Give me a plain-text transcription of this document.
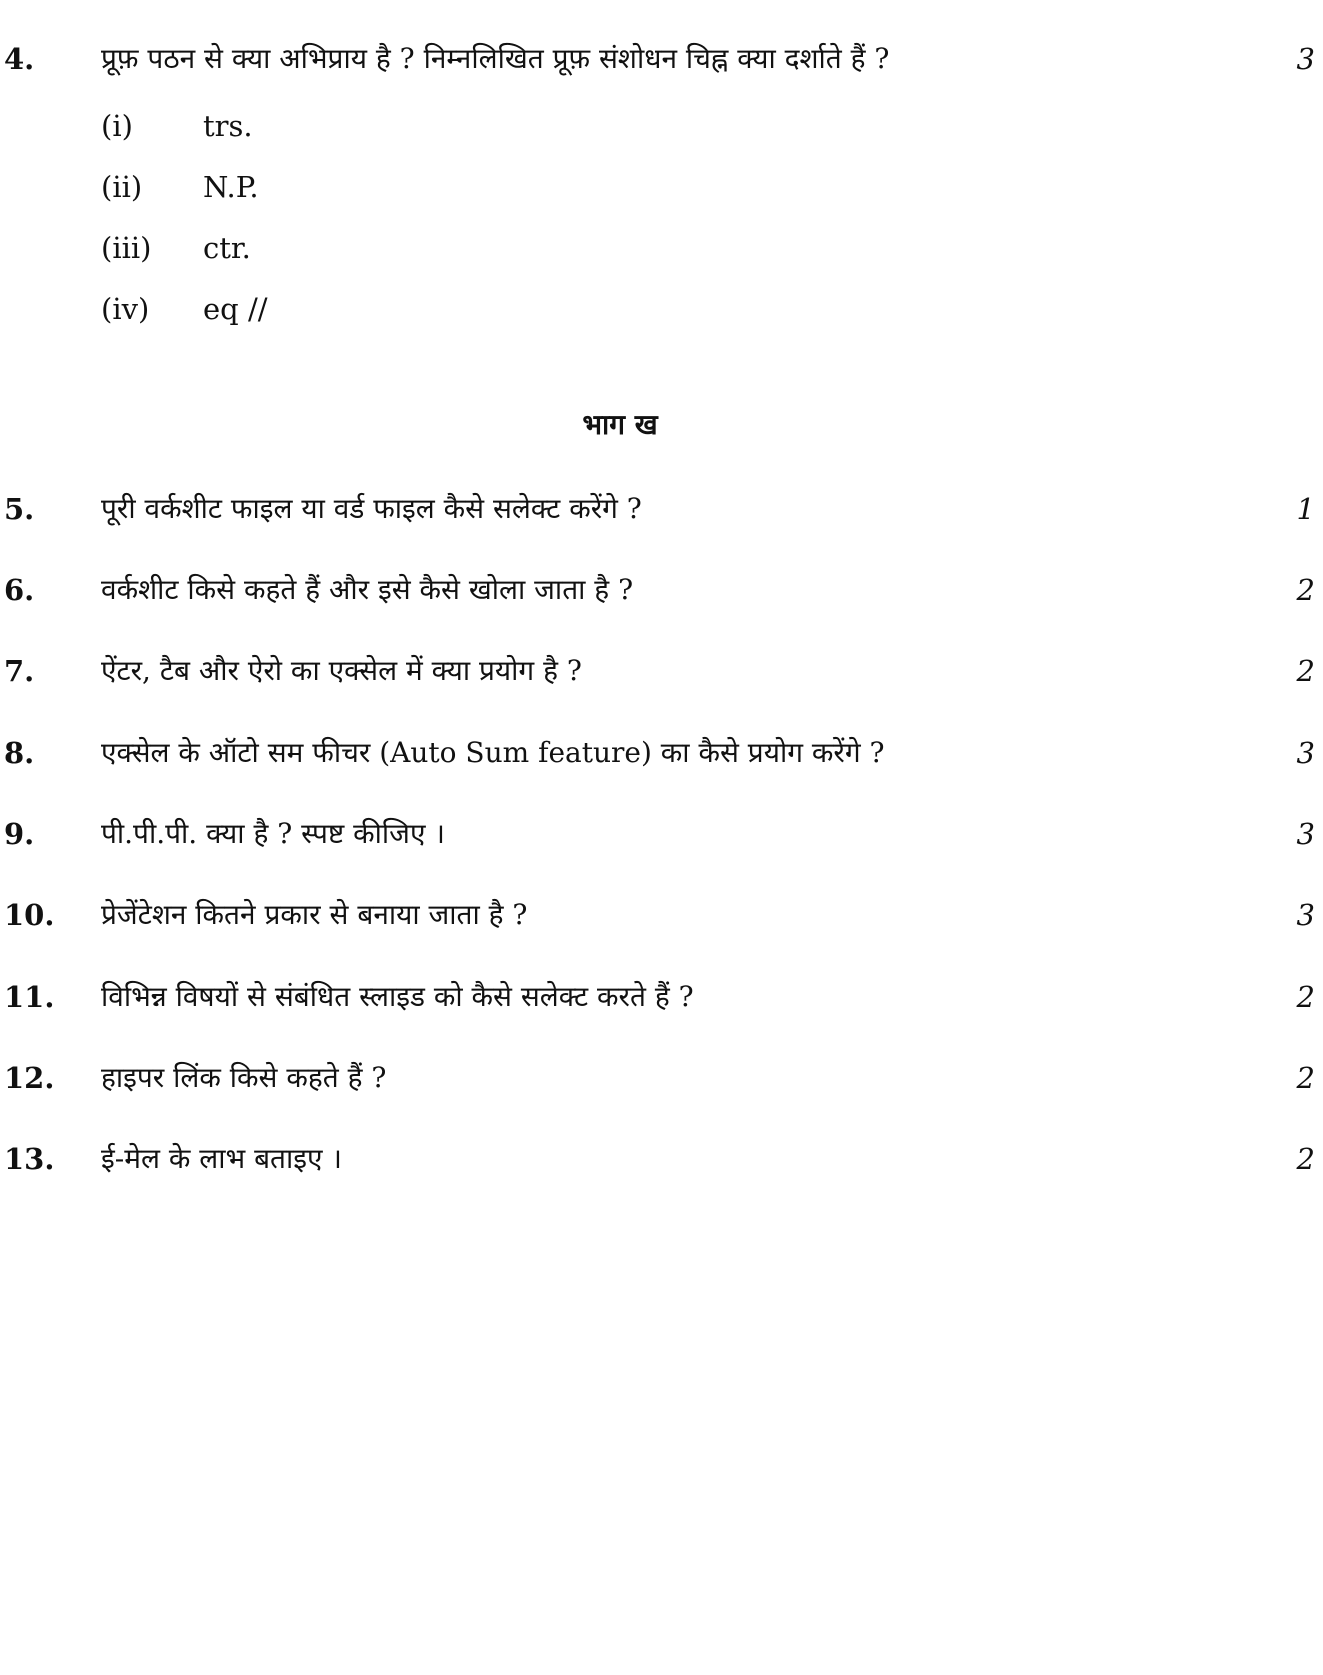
4. प्रूफ़ पठन से क्या अभिप्राय है ? निम्नलिखित प्रूफ़ संशोधन चिह्न क्या दर्शाते हैं ?	3
(i) trs.
(ii) N.P.
(iii) ctr.
(iv) eq //
भाग ख
5. पूरी वर्कशीट फाइल या वर्ड फाइल कैसे सलेक्ट करेंगे ?	1
6. वर्कशीट किसे कहते हैं और इसे कैसे खोला जाता है ?	2
7. ऐंटर, टैब और ऐरो का एक्सेल में क्या प्रयोग है ?	2
8. एक्सेल के ऑटो सम फीचर (Auto Sum feature) का कैसे प्रयोग करेंगे ?	3
9. पी.पी.पी. क्या है ? स्पष्ट कीजिए ।	3
10. प्रेजेंटेशन कितने प्रकार से बनाया जाता है ?	3
11. विभिन्न विषयों से संबंधित स्लाइड को कैसे सलेक्ट करते हैं ?	2
12. हाइपर लिंक किसे कहते हैं ?	2
13. ई-मेल के लाभ बताइए ।	2
